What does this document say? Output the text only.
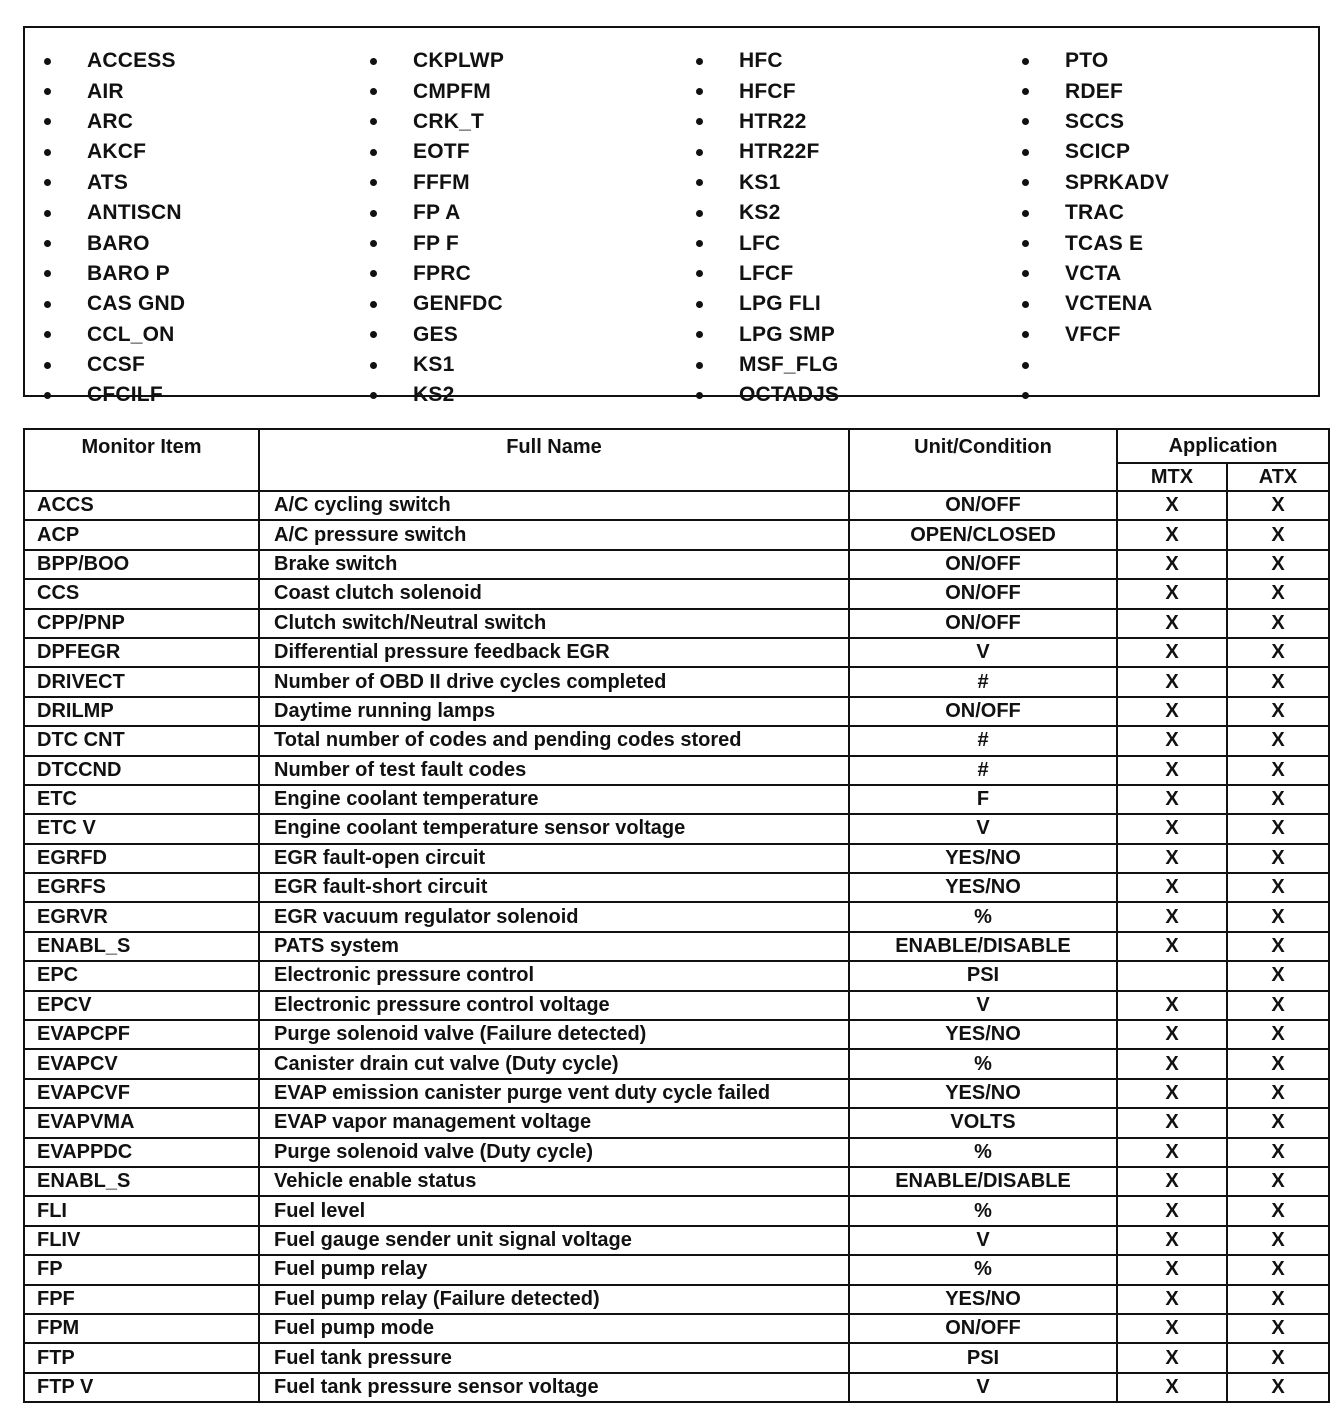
ACCESS
AIR
ARC
AKCF
ATS
ANTISCN
BARO
BARO P
CAS GND
CCL_ON
CCSF
CFCILF
CKPLWP
CMPFM
CRK_T
EOTF
FFFM
FP A
FP F
FPRC
GENFDC
GES
KS1
KS2
HFC
HFCF
HTR22
HTR22F
KS1
KS2
LFC
LFCF
LPG FLI
LPG SMP
MSF_FLG
OCTADJS
PTO
RDEF
SCCS
SCICP
SPRKADV
TRAC
TCAS E
VCTA
VCTENA
VFCF
Monitor Item	Full Name	Unit/Condition	Application	
			MTX	ATX
ACCS	A/C cycling switch	ON/OFF	X	X
ACP	A/C pressure switch	OPEN/CLOSED	X	X
BPP/BOO	Brake switch	ON/OFF	X	X
CCS	Coast clutch solenoid	ON/OFF	X	X
CPP/PNP	Clutch switch/Neutral switch	ON/OFF	X	X
DPFEGR	Differential pressure feedback EGR	V	X	X
DRIVECT	Number of OBD II drive cycles completed	#	X	X
DRILMP	Daytime running lamps	ON/OFF	X	X
DTC CNT	Total number of codes and pending codes stored	#	X	X
DTCCND	Number of test fault codes	#	X	X
ETC	Engine coolant temperature	F	X	X
ETC V	Engine coolant temperature sensor voltage	V	X	X
EGRFD	EGR fault-open circuit	YES/NO	X	X
EGRFS	EGR fault-short circuit	YES/NO	X	X
EGRVR	EGR vacuum regulator solenoid	%	X	X
ENABL_S	PATS system	ENABLE/DISABLE	X	X
EPC	Electronic pressure control	PSI		X
EPCV	Electronic pressure control voltage	V	X	X
EVAPCPF	Purge solenoid valve (Failure detected)	YES/NO	X	X
EVAPCV	Canister drain cut valve (Duty cycle)	%	X	X
EVAPCVF	EVAP emission canister purge vent duty cycle failed	YES/NO	X	X
EVAPVMA	EVAP vapor management voltage	VOLTS	X	X
EVAPPDC	Purge solenoid valve (Duty cycle)	%	X	X
ENABL_S	Vehicle enable status	ENABLE/DISABLE	X	X
FLI	Fuel level	%	X	X
FLIV	Fuel gauge sender unit signal voltage	V	X	X
FP	Fuel pump relay	%	X	X
FPF	Fuel pump relay (Failure detected)	YES/NO	X	X
FPM	Fuel pump mode	ON/OFF	X	X
FTP	Fuel tank pressure	PSI	X	X
FTP V	Fuel tank pressure sensor voltage	V	X	X
